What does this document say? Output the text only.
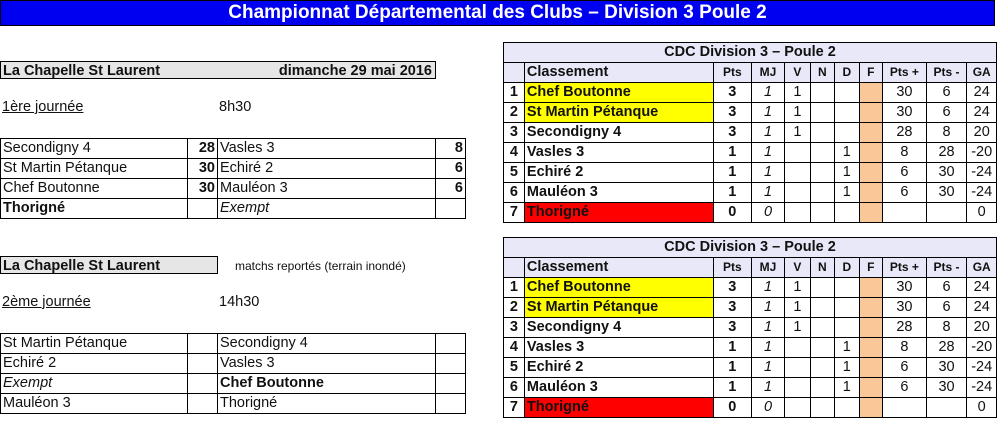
Championnat Départemental des Clubs – Division 3 Poule 2
La Chapelle St Laurent	dimanche 29 mai 2016
1ère journée	8h30
Secondigny 4	28	Vasles 3	8
St Martin Pétanque	30	Echiré 2	6
Chef Boutonne	30	Mauléon 3	6
Thorigné		Exempt	
La Chapelle St Laurent	matchs reportés (terrain inondé)
2ème journée	14h30
St Martin Pétanque		Secondigny 4	
Echiré 2		Vasles 3	
Exempt		Chef Boutonne	
Mauléon 3		Thorigné	
CDC Division 3 – Poule 2										
	Classement	Pts	MJ	V	N	D	F	Pts +	Pts -	GA
1	Chef Boutonne	3	1	1				30	6	24
2	St Martin Pétanque	3	1	1				30	6	24
3	Secondigny 4	3	1	1				28	8	20
4	Vasles 3	1	1			1		8	28	-20
5	Echiré 2	1	1			1		6	30	-24
6	Mauléon 3	1	1			1		6	30	-24
7	Thorigné	0	0							0
CDC Division 3 – Poule 2										
	Classement	Pts	MJ	V	N	D	F	Pts +	Pts -	GA
1	Chef Boutonne	3	1	1				30	6	24
2	St Martin Pétanque	3	1	1				30	6	24
3	Secondigny 4	3	1	1				28	8	20
4	Vasles 3	1	1			1		8	28	-20
5	Echiré 2	1	1			1		6	30	-24
6	Mauléon 3	1	1			1		6	30	-24
7	Thorigné	0	0							0
